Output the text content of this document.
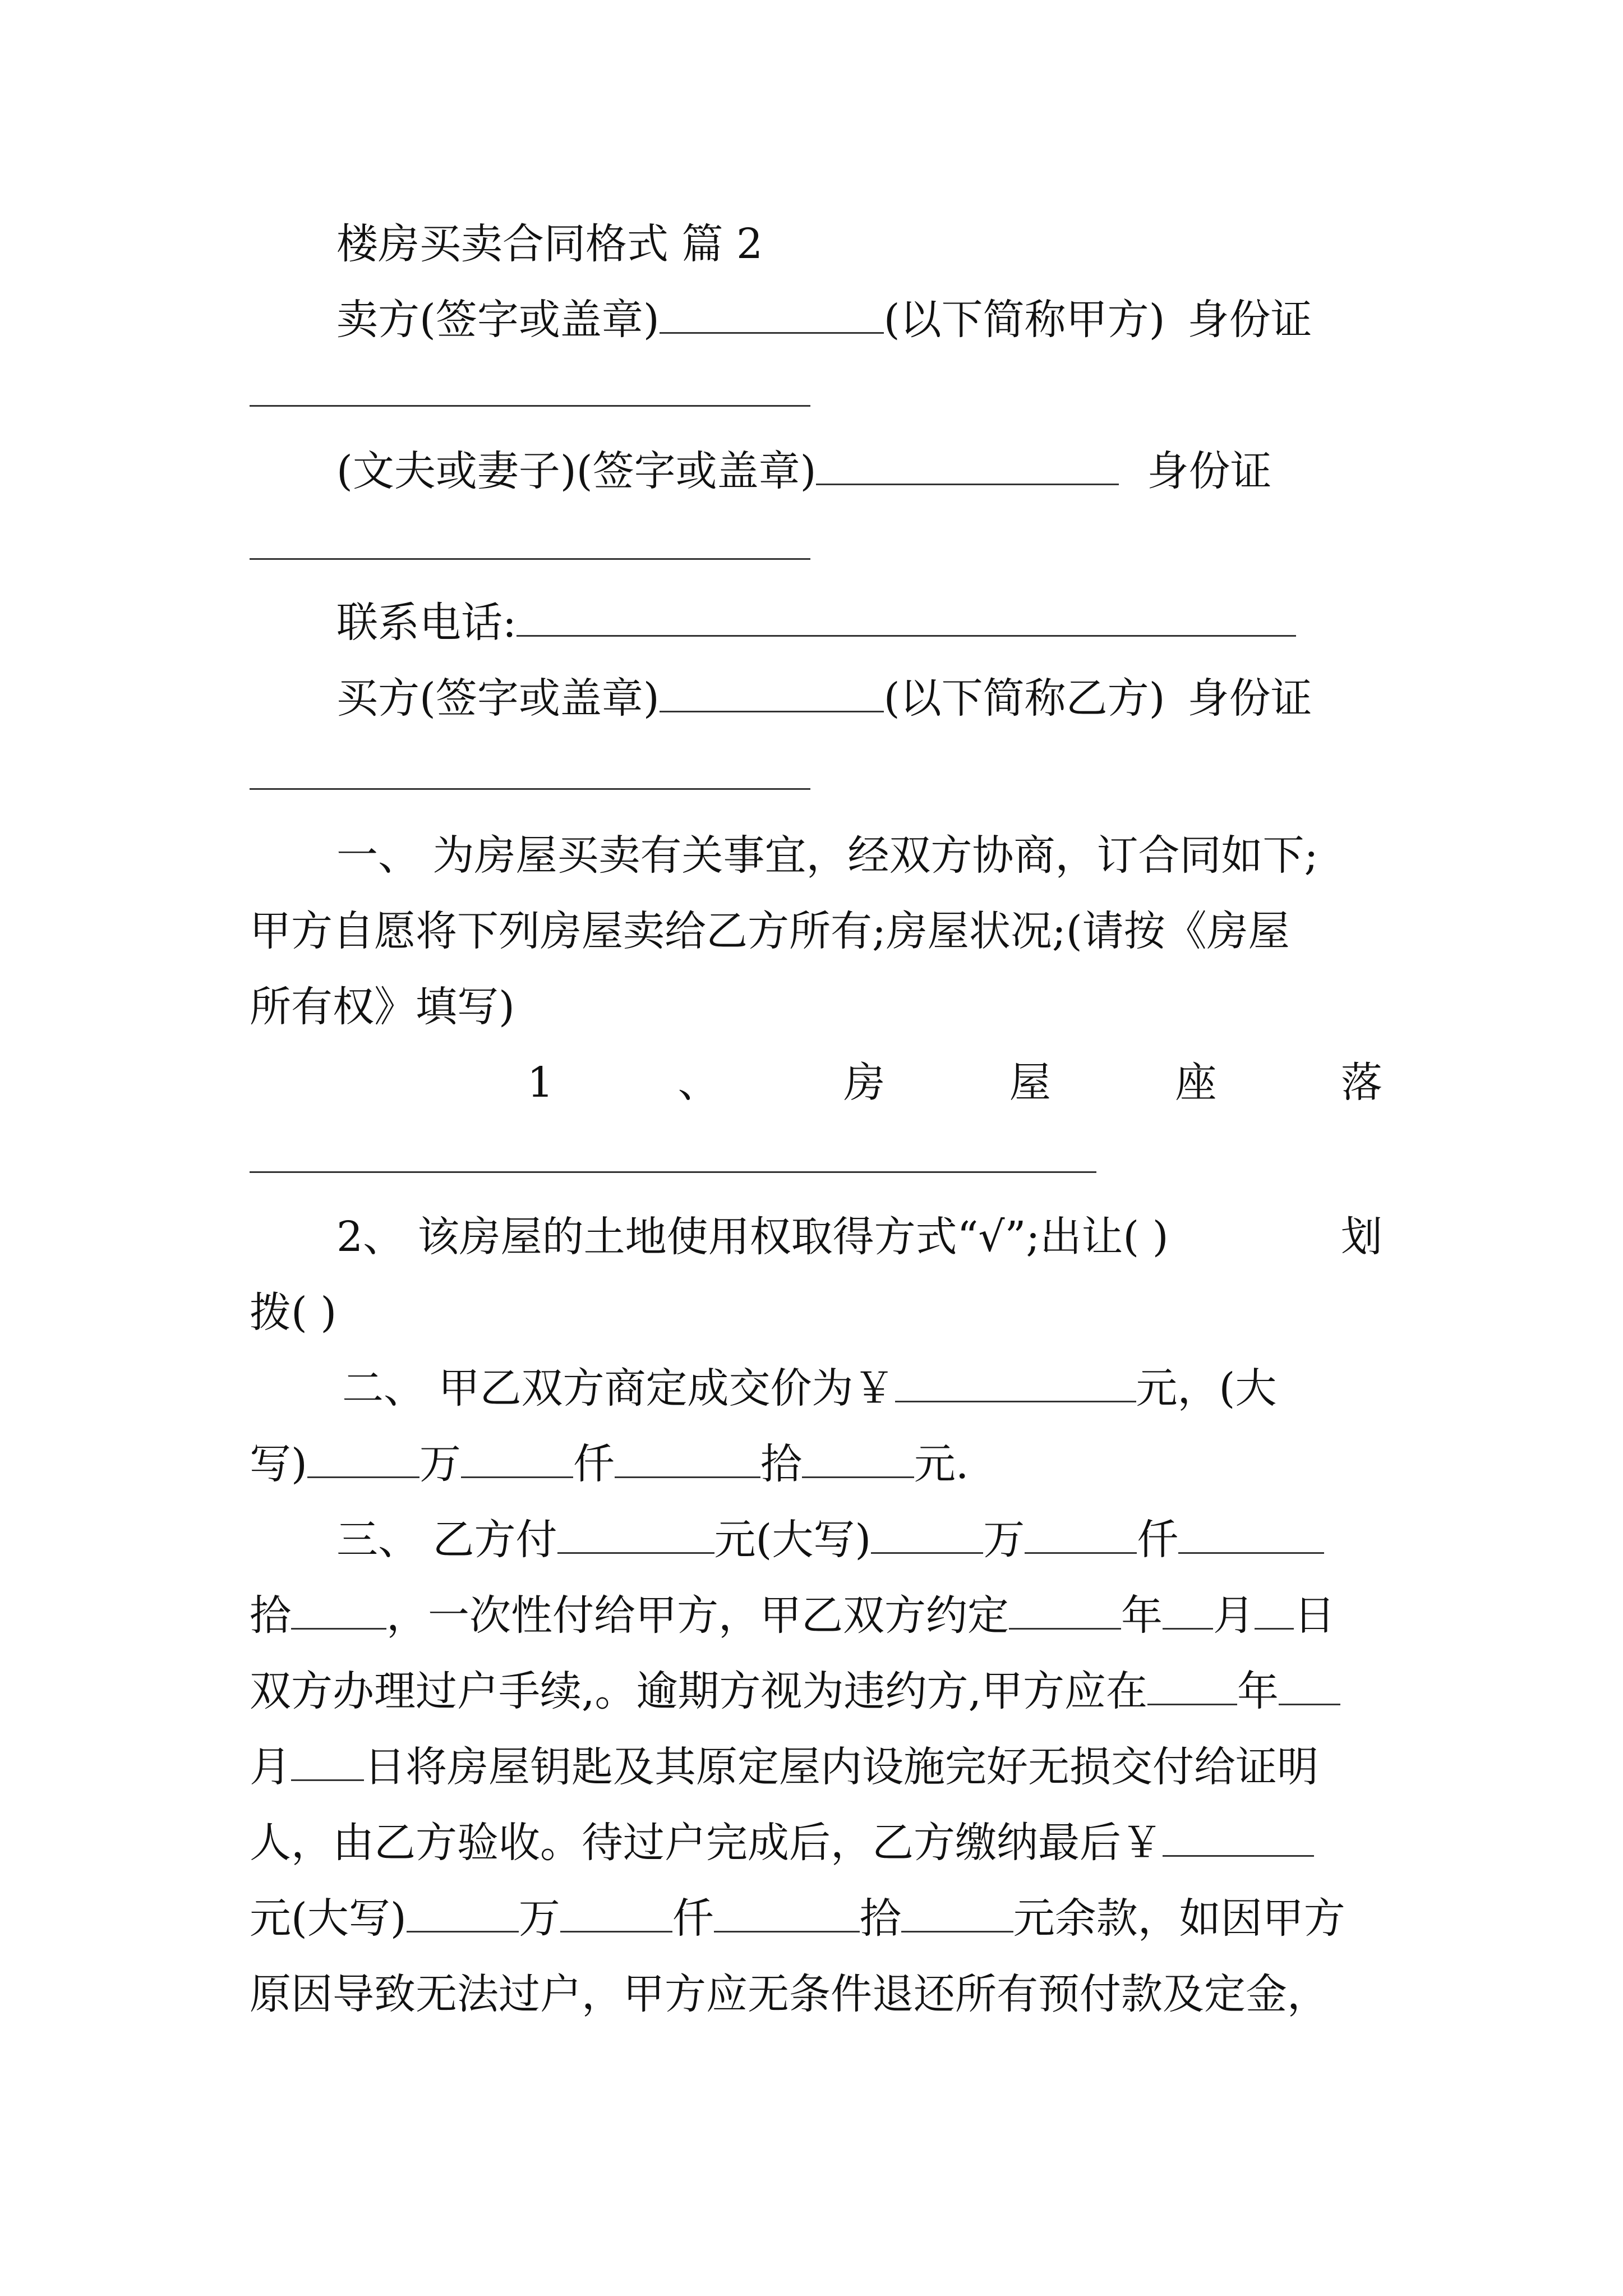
楼房买卖合同格式 篇 2
卖方(签字或盖章)	(以下简称甲方) 身份证
(文夫或妻子)(签字或盖章)	身份证
联系电话:
买方(签字或盖章)	(以下简称乙方) 身份证
一、 为房屋买卖有关事宜，经双方协商，订合同如下;
甲方自愿将下列房屋卖给乙方所有;房屋状况;(请按《房屋
所有权》填写)
1	、	房	屋	座	落
2、 该房屋的土地使用权取得方式“√”;出让( )	划
拨( )
二、 甲乙双方商定成交价为￥	元，(大
写)	万	仟	拾	元.
三、 乙方付	元(大写)	万	仟
拾 ，一次性付给甲方，甲乙双方约定	年 月 日
双方办理过户手续,。逾期方视为违约方,甲方应在 年
月 日将房屋钥匙及其原定屋内设施完好无损交付给证明
人，由乙方验收。待过户完成后，乙方缴纳最后￥
元(大写)	万	仟	拾	元余款，如因甲方
原因导致无法过户，甲方应无条件退还所有预付款及定金，
